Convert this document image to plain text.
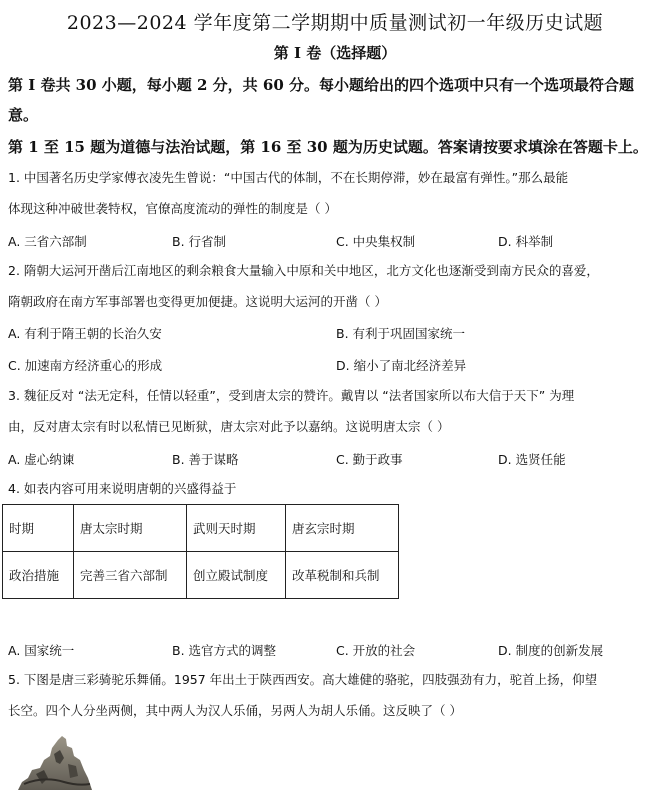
2023—2024 学年度第二学期期中质量测试初一年级历史试题
第 I 卷（选择题）
第 I 卷共 30 小题，每小题 2 分，共 60 分。每小题给出的四个选项中只有一个选项最符合题
意。
第 1 至 15 题为道德与法治试题，第 16 至 30 题为历史试题。答案请按要求填涂在答题卡上。
1. 中国著名历史学家傅衣凌先生曾说：“中国古代的体制，不在长期停滞，妙在最富有弹性。”那么最能
体现这种冲破世袭特权，官僚高度流动的弹性的制度是（ ）
A. 三省六部制	B. 行省制	C. 中央集权制	D. 科举制
2. 隋朝大运河开凿后江南地区的剩余粮食大量输入中原和关中地区，北方文化也逐渐受到南方民众的喜爱，
隋朝政府在南方军事部署也变得更加便捷。这说明大运河的开凿（ ）
A. 有利于隋王朝的长治久安	B. 有利于巩固国家统一
C. 加速南方经济重心的形成	D. 缩小了南北经济差异
3. 魏征反对 “法无定科，任情以轻重”，受到唐太宗的赞许。戴胄以 “法者国家所以布大信于天下” 为理
由，反对唐太宗有时以私情已见断狱，唐太宗对此予以嘉纳。这说明唐太宗（ ）
A. 虚心纳谏	B. 善于谋略	C. 勤于政事	D. 选贤任能
4. 如表内容可用来说明唐朝的兴盛得益于
时期	唐太宗时期	武则天时期	唐玄宗时期
政治措施	完善三省六部制	创立殿试制度	改革税制和兵制
A. 国家统一	B. 选官方式的调整	C. 开放的社会	D. 制度的创新发展
5. 下图是唐三彩骑驼乐舞俑。1957 年出土于陕西西安。高大雄健的骆驼，四肢强劲有力，驼首上扬，仰望
长空。四个人分坐两侧，其中两人为汉人乐俑，另两人为胡人乐俑。这反映了（ ）
